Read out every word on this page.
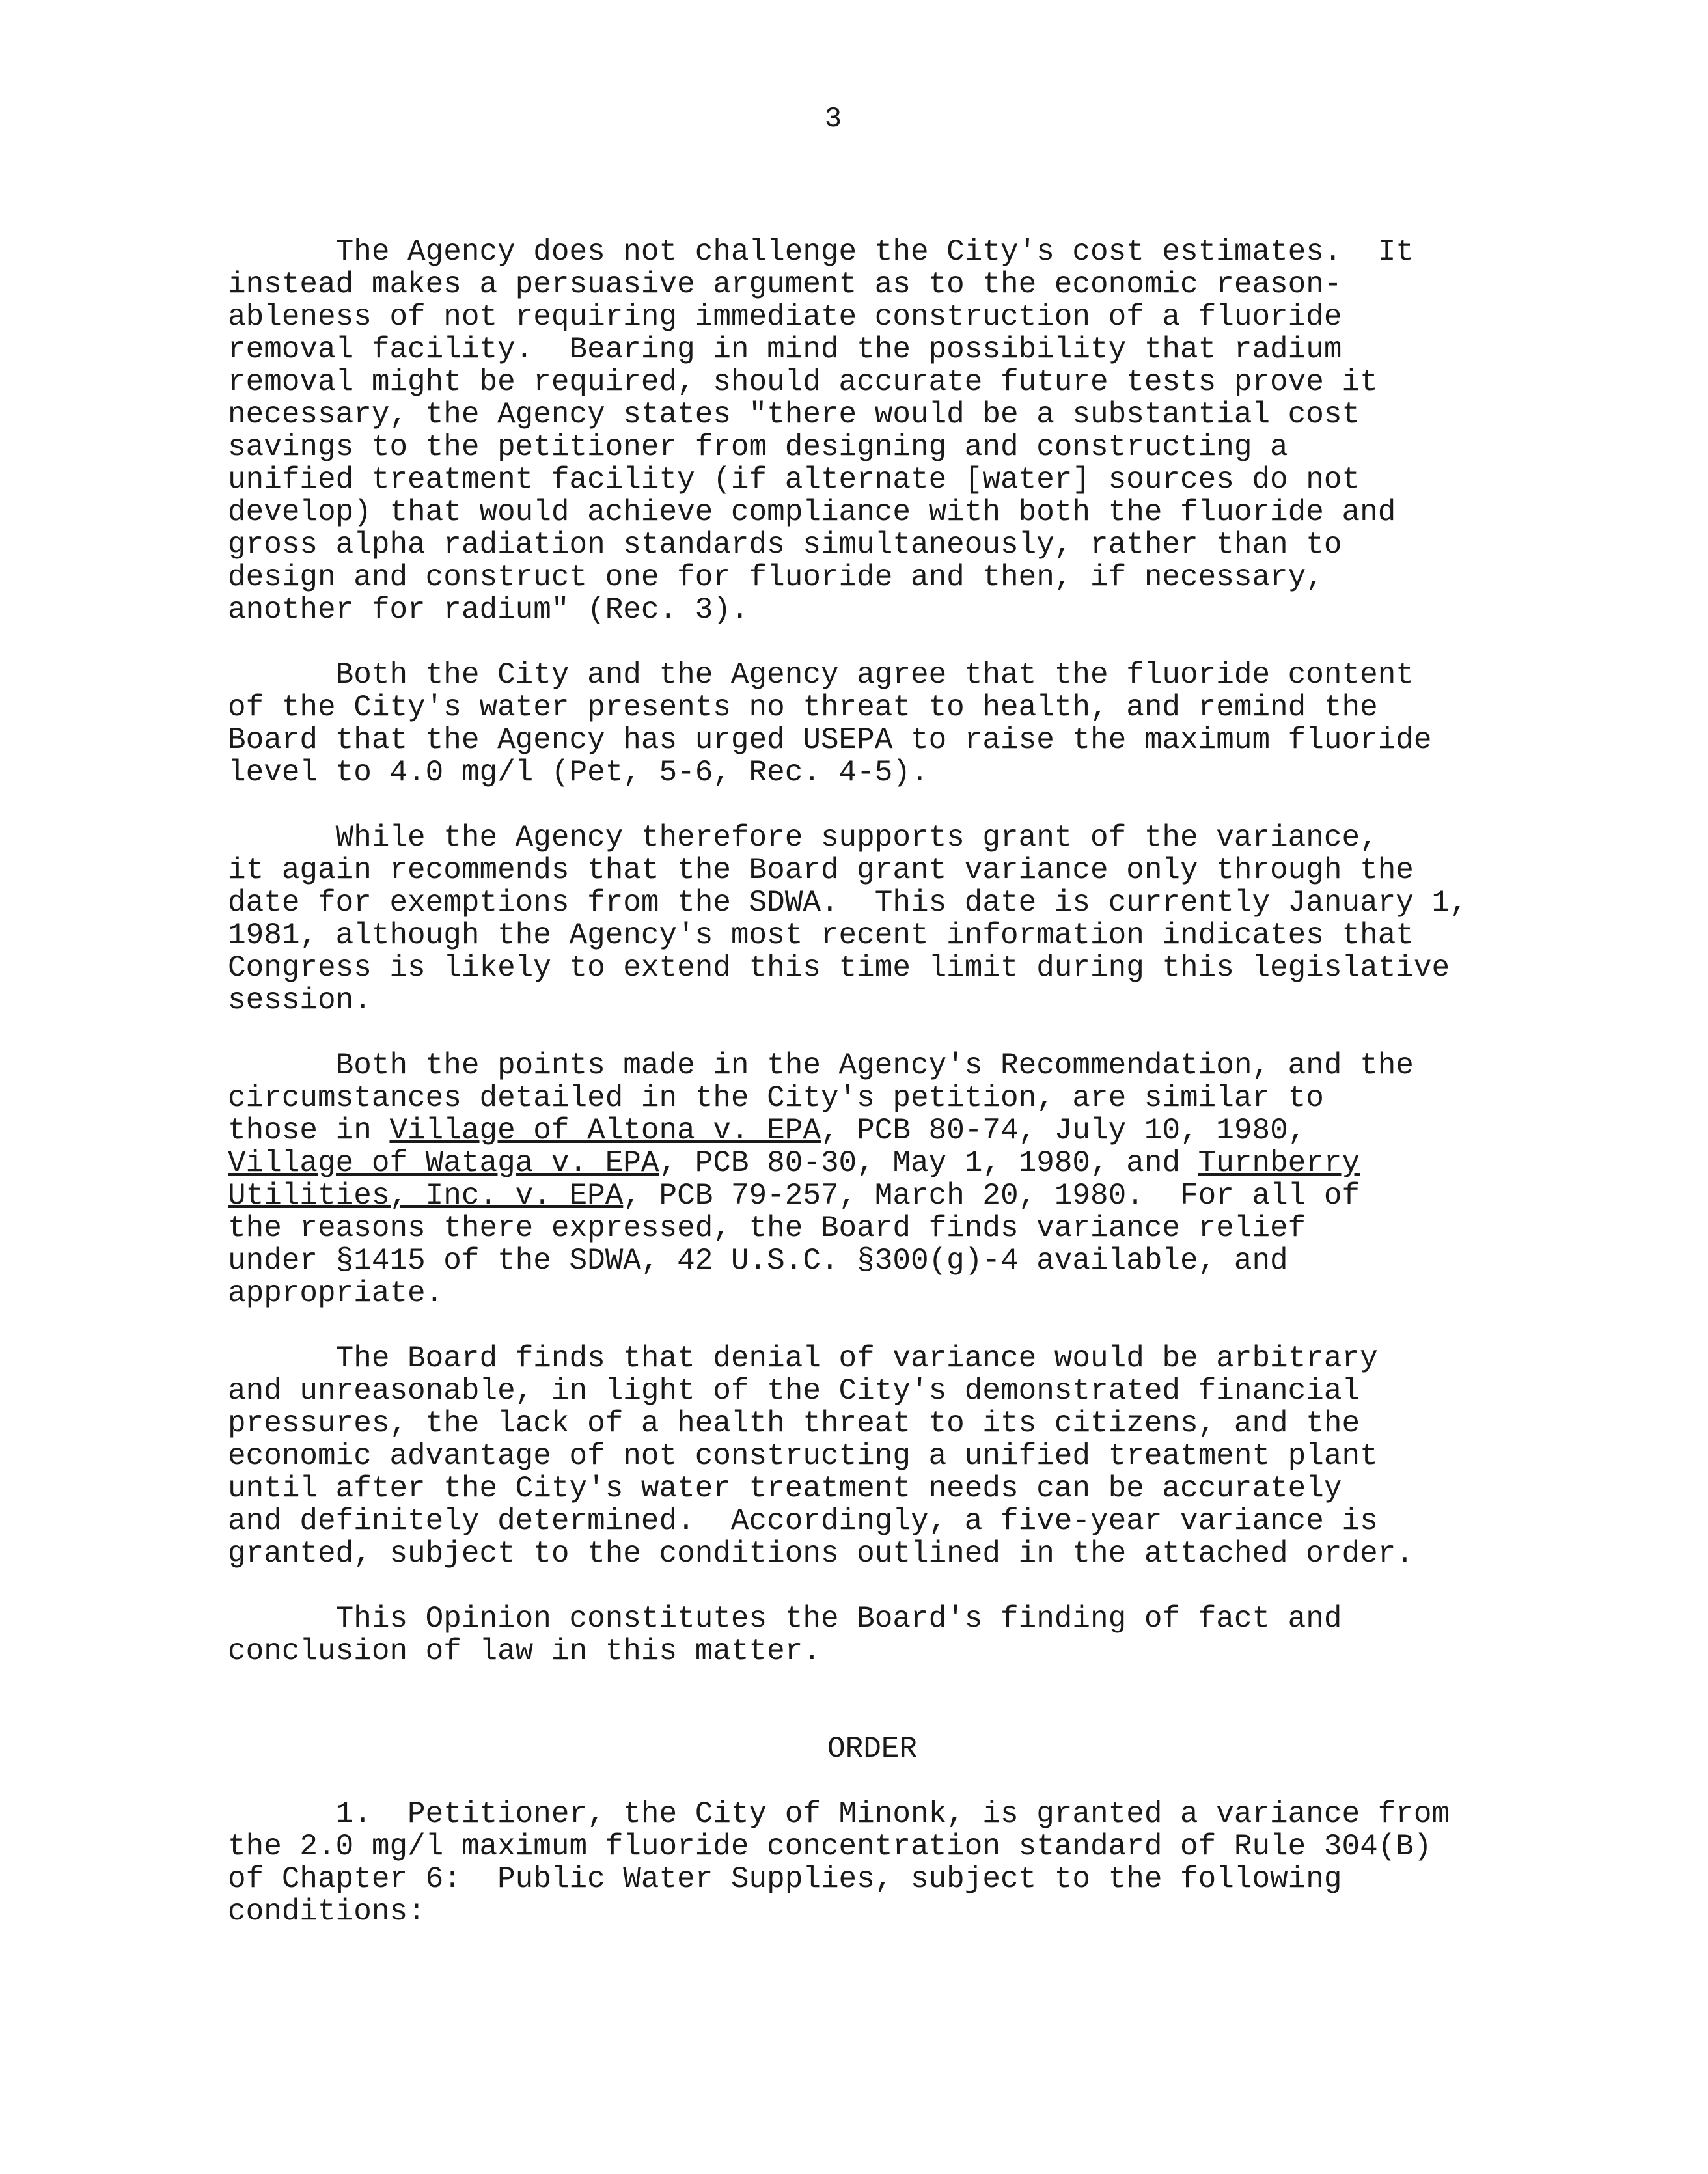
3
The Agency does not challenge the City's cost estimates.  It
instead makes a persuasive argument as to the economic reason-
ableness of not requiring immediate construction of a fluoride
removal facility.  Bearing in mind the possibility that radium
removal might be required, should accurate future tests prove it
necessary, the Agency states "there would be a substantial cost
savings to the petitioner from designing and constructing a
unified treatment facility (if alternate [water] sources do not
develop) that would achieve compliance with both the fluoride and
gross alpha radiation standards simultaneously, rather than to
design and construct one for fluoride and then, if necessary,
another for radium" (Rec. 3).
Both the City and the Agency agree that the fluoride content
of the City's water presents no threat to health, and remind the
Board that the Agency has urged USEPA to raise the maximum fluoride
level to 4.0 mg/l (Pet, 5-6, Rec. 4-5).
While the Agency therefore supports grant of the variance,
it again recommends that the Board grant variance only through the
date for exemptions from the SDWA.  This date is currently January 1,
1981, although the Agency's most recent information indicates that
Congress is likely to extend this time limit during this legislative
session.
Both the points made in the Agency's Recommendation, and the
circumstances detailed in the City's petition, are similar to
those in Village of Altona v. EPA, PCB 80-74, July 10, 1980,
Village of Wataga v. EPA, PCB 80-30, May 1, 1980, and Turnberry
Utilities, Inc. v. EPA, PCB 79-257, March 20, 1980.  For all of
the reasons there expressed, the Board finds variance relief
under §1415 of the SDWA, 42 U.S.C. §300(g)-4 available, and
appropriate.
The Board finds that denial of variance would be arbitrary
and unreasonable, in light of the City's demonstrated financial
pressures, the lack of a health threat to its citizens, and the
economic advantage of not constructing a unified treatment plant
until after the City's water treatment needs can be accurately
and definitely determined.  Accordingly, a five-year variance is
granted, subject to the conditions outlined in the attached order.
This Opinion constitutes the Board's finding of fact and
conclusion of law in this matter.
ORDER
1.  Petitioner, the City of Minonk, is granted a variance from
the 2.0 mg/l maximum fluoride concentration standard of Rule 304(B)
of Chapter 6:  Public Water Supplies, subject to the following
conditions:
